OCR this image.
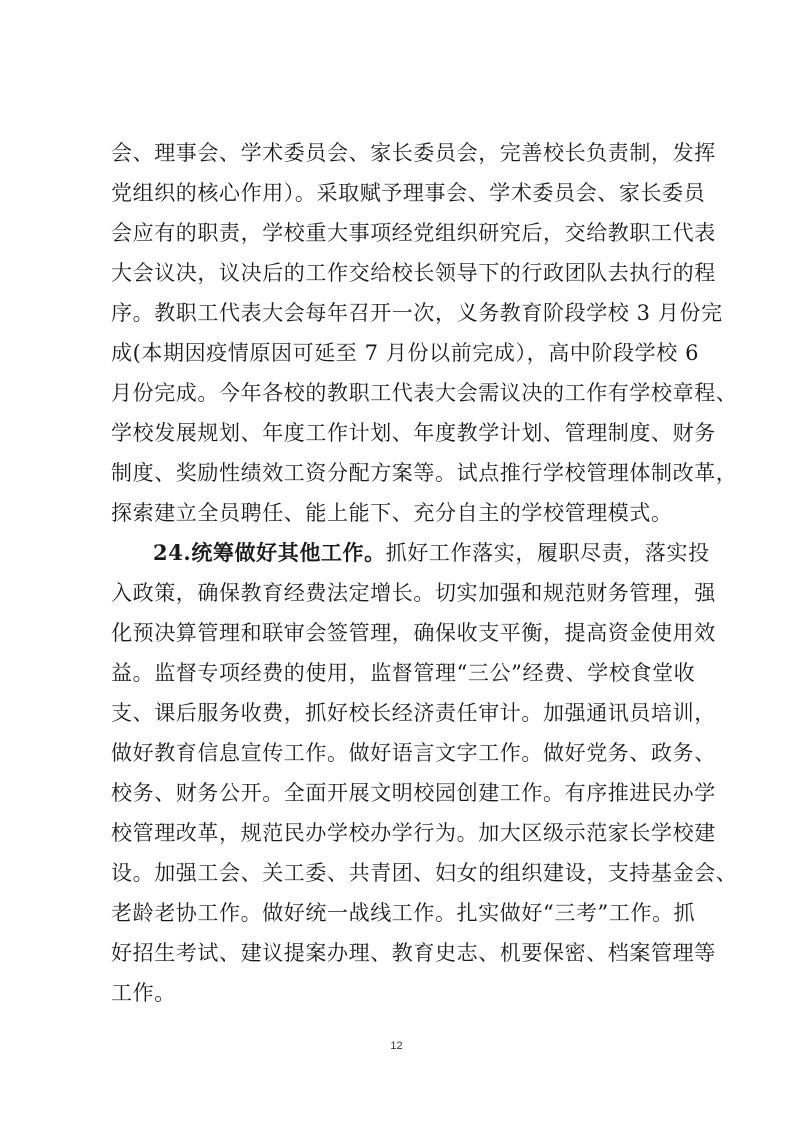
会、理事会、学术委员会、家长委员会，完善校长负责制，发挥
党组织的核心作用）。采取赋予理事会、学术委员会、家长委员
会应有的职责，学校重大事项经党组织研究后，交给教职工代表
大会议决，议决后的工作交给校长领导下的行政团队去执行的程
序。教职工代表大会每年召开一次，义务教育阶段学校 3 月份完
成(本期因疫情原因可延至 7 月份以前完成），高中阶段学校 6
月份完成。今年各校的教职工代表大会需议决的工作有学校章程、
学校发展规划、年度工作计划、年度教学计划、管理制度、财务
制度、奖励性绩效工资分配方案等。试点推行学校管理体制改革，
探索建立全员聘任、能上能下、充分自主的学校管理模式。
24.统筹做好其他工作。抓好工作落实，履职尽责，落实投
入政策，确保教育经费法定增长。切实加强和规范财务管理，强
化预决算管理和联审会签管理，确保收支平衡，提高资金使用效
益。监督专项经费的使用，监督管理“三公”经费、学校食堂收
支、课后服务收费，抓好校长经济责任审计。加强通讯员培训，
做好教育信息宣传工作。做好语言文字工作。做好党务、政务、
校务、财务公开。全面开展文明校园创建工作。有序推进民办学
校管理改革，规范民办学校办学行为。加大区级示范家长学校建
设。加强工会、关工委、共青团、妇女的组织建设，支持基金会、
老龄老协工作。做好统一战线工作。扎实做好“三考”工作。抓
好招生考试、建议提案办理、教育史志、机要保密、档案管理等
工作。
12
